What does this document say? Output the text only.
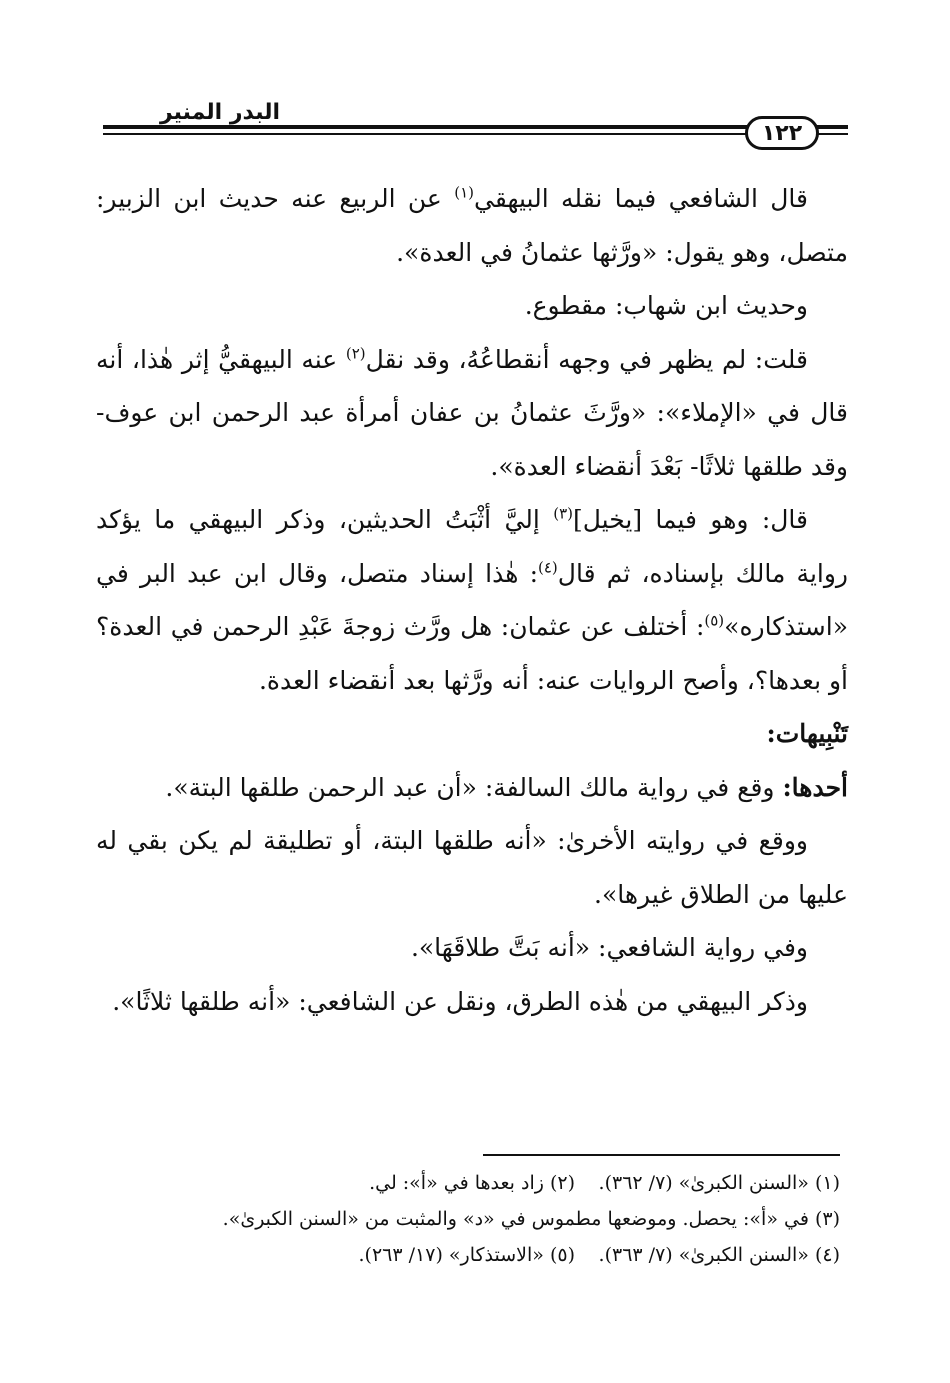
البدر المنير
١٢٢

قال الشافعي فيما نقله البيهقي$^{(١)}$ عن الربيع عنه حديث ابن الزبير: متصل، وهو يقول: «ورَّثها عثمانُ في العدة».

وحديث ابن شهاب: مقطوع.

قلت: لم يظهر في وجهه أنقطاعُهُ، وقد نقل$^{(٢)}$ عنه البيهقيُّ إثر هٰذا، أنه قال في «الإملاء»: «ورَّثَ عثمانُ بن عفان أمرأة عبد الرحمن ابن عوف- وقد طلقها ثلاثًا- بَعْدَ أنقضاء العدة».

قال: وهو فيما [يخيل]$^{(٣)}$ إليَّ أثْبَتُ الحديثين، وذكر البيهقي ما يؤكد رواية مالك بإسناده، ثم قال$^{(٤)}$: هٰذا إسناد متصل، وقال ابن عبد البر في «استذكاره»$^{(٥)}$: أختلف عن عثمان: هل ورَّث زوجةَ عَبْدِ الرحمن في العدة؟ أو بعدها؟، وأصح الروايات عنه: أنه ورَّثها بعد أنقضاء العدة.

تَنْبِيهات:

أحدها: وقع في رواية مالك السالفة: «أن عبد الرحمن طلقها البتة».

ووقع في روايته الأخرىٰ: «أنه طلقها البتة، أو تطليقة لم يكن بقي له عليها من الطلاق غيرها».

وفي رواية الشافعي: «أنه بَتَّ طلاقَهَا».

وذكر البيهقي من هٰذه الطرق، ونقل عن الشافعي: «أنه طلقها ثلاثًا».

(١) «السنن الكبرىٰ» (٧/ ٣٦٢).
(٢) زاد بعدها في «أ»: لي.
(٣) في «أ»: يحصل. وموضعها مطموس في «د» والمثبت من «السنن الكبرىٰ».
(٤) «السنن الكبرىٰ» (٧/ ٣٦٣).
(٥) «الاستذكار» (١٧/ ٢٦٣).
